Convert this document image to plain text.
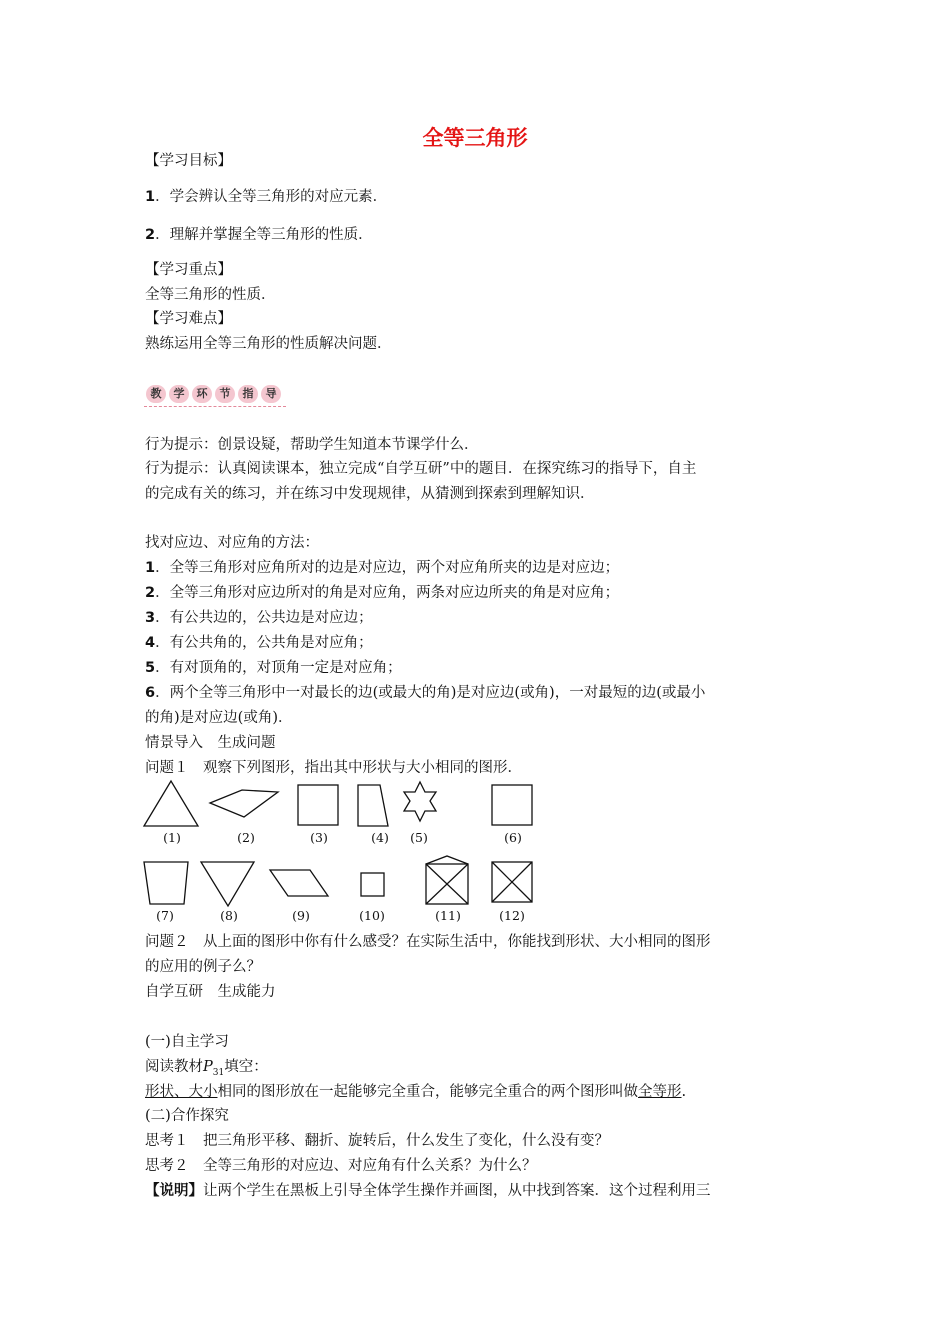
全等三角形
【学习目标】
1．学会辨认全等三角形的对应元素．
2．理解并掌握全等三角形的性质．
【学习重点】
全等三角形的性质．
【学习难点】
熟练运用全等三角形的性质解决问题．
教	学	环	节	指	导
行为提示：创景设疑，帮助学生知道本节课学什么．
行为提示：认真阅读课本，独立完成“自学互研”中的题目．在探究练习的指导下，自主
的完成有关的练习，并在练习中发现规律，从猜测到探索到理解知识．
找对应边、对应角的方法：
1．全等三角形对应角所对的边是对应边，两个对应角所夹的边是对应边；
2．全等三角形对应边所对的角是对应角，两条对应边所夹的角是对应角；
3．有公共边的，公共边是对应边；
4．有公共角的，公共角是对应角；
5．有对顶角的，对顶角一定是对应角；
6．两个全等三角形中一对最长的边(或最大的角)是对应边(或角)，一对最短的边(或最小
的角)是对应边(或角)．
情景导入　生成问题
问题１　观察下列图形，指出其中形状与大小相同的图形．
(1)	(2)	(3)	(4)	(5)	(6)
(7)	(8)	(9)	(10)	(11)	(12)
问题２　从上面的图形中你有什么感受？在实际生活中，你能找到形状、大小相同的图形
的应用的例子么？
自学互研　生成能力
(一)自主学习
阅读教材$P_{31}$填空：
形状、大小相同的图形放在一起能够完全重合，能够完全重合的两个图形叫做全等形.
(二)合作探究
思考１　把三角形平移、翻折、旋转后，什么发生了变化，什么没有变？
思考２　全等三角形的对应边、对应角有什么关系？为什么？
【说明】让两个学生在黑板上引导全体学生操作并画图，从中找到答案．这个过程利用三
